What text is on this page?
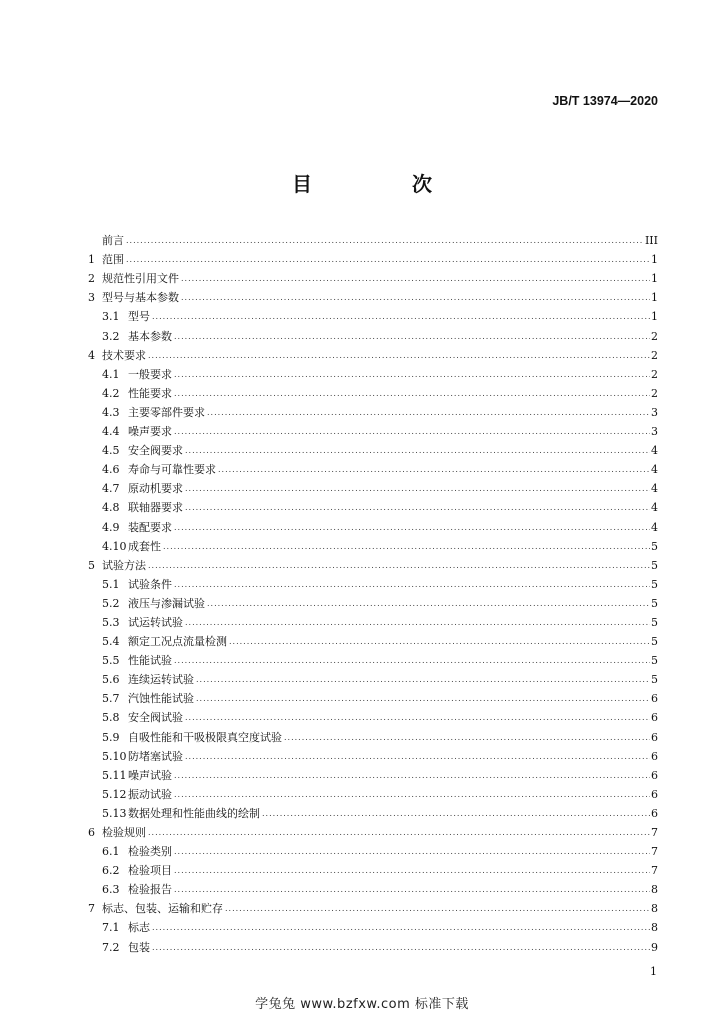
JB/T 13974—2020
目　次
前言 .....	III
1 范围 .....	1
2 规范性引用文件 .....	1
3 型号与基本参数 .....	1
3.1 型号 .....	1
3.2 基本参数 .....	2
4 技术要求 .....	2
4.1 一般要求 .....	2
4.2 性能要求 .....	2
4.3 主要零部件要求 .....	3
4.4 噪声要求 .....	3
4.5 安全阀要求 .....	4
4.6 寿命与可靠性要求 .....	4
4.7 原动机要求 .....	4
4.8 联轴器要求 .....	4
4.9 装配要求 .....	4
4.10 成套性 .....	5
5 试验方法 .....	5
5.1 试验条件 .....	5
5.2 液压与渗漏试验 .....	5
5.3 试运转试验 .....	5
5.4 额定工况点流量检测 .....	5
5.5 性能试验 .....	5
5.6 连续运转试验 .....	5
5.7 汽蚀性能试验 .....	6
5.8 安全阀试验 .....	6
5.9 自吸性能和干吸极限真空度试验 .....	6
5.10 防堵塞试验 .....	6
5.11 噪声试验 .....	6
5.12 振动试验 .....	6
5.13 数据处理和性能曲线的绘制 .....	6
6 检验规则 .....	7
6.1 检验类别 .....	7
6.2 检验项目 .....	7
6.3 检验报告 .....	8
7 标志、包装、运输和贮存 .....	8
7.1 标志 .....	8
7.2 包装 .....	9
1
学兔兔 www.bzfxw.com 标准下载
